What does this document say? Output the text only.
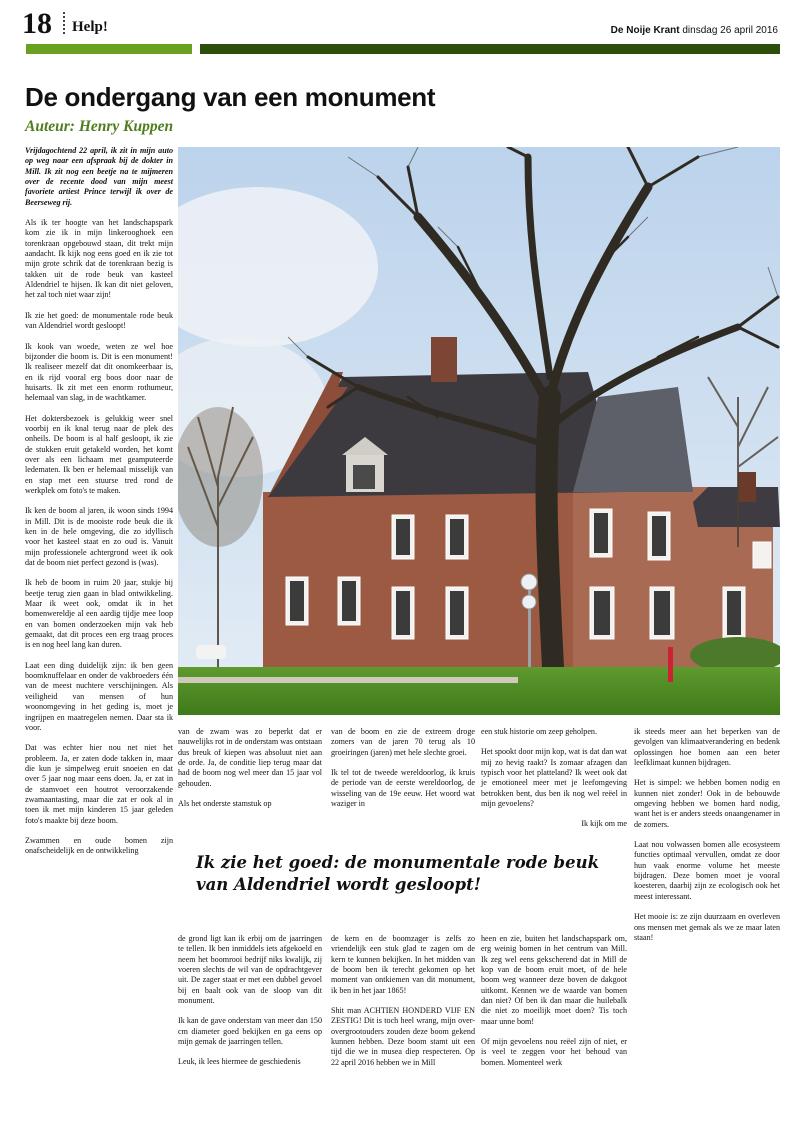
18 Help!	De Noije Krant dinsdag 26 april 2016
De ondergang van een monument
Auteur: Henry Kuppen

Vrijdagochtend 22 april, ik zit in mijn auto op weg naar een afspraak bij de dokter in Mill. Ik zit nog een beetje na te mijmeren over de recente dood van mijn meest favoriete artiest Prince terwijl ik over de Beerseweg rij.

Als ik ter hoogte van het landschapspark kom zie ik in mijn linkerooghoek een torenkraan opgebouwd staan, dit trekt mijn aandacht. Ik kijk nog eens goed en ik zie tot mijn grote schrik dat de torenkraan bezig is takken uit de rode beuk van kasteel Aldendriel te hijsen. Ik kan dit niet geloven, het zal toch niet waar zijn!

Ik zie het goed: de monumentale rode beuk van Aldendriel wordt gesloopt!

Ik kook van woede, weten ze wel hoe bijzonder die boom is. Dit is een monument! Ik realiseer mezelf dat dit onomkeerbaar is, en ik rijd vooral erg boos door naar de huisarts. Ik zit met een enorm rothumeur, helemaal van slag, in de wachtkamer.

Het doktersbezoek is gelukkig weer snel voorbij en ik knal terug naar de plek des onheils. De boom is al half gesloopt, ik zie de stukken eruit getakeld worden, het komt over als een lichaam met geamputeerde ledematen. Ik ben er helemaal misselijk van en stap met een stuurse tred rond de werkplek om foto's te maken.

Ik ken de boom al jaren, ik woon sinds 1994 in Mill. Dit is de mooiste rode beuk die ik ken in de hele omgeving, die zo idyllisch voor het kasteel staat en zo oud is. Vanuit mijn professionele achtergrond weet ik ook dat de boom niet perfect gezond is (was).

Ik heb de boom in ruim 20 jaar, stukje bij beetje terug zien gaan in blad ontwikkeling. Maar ik weet ook, omdat ik in het bomenwereldje al een aardig tijdje mee loop en van bomen onderzoeken mijn vak heb gemaakt, dat dit proces een erg traag proces is en nog heel lang kan duren.

Laat een ding duidelijk zijn: ik ben geen boomknuffelaar en onder de vakbroeders één van de meest nuchtere verschijningen. Als veiligheid van mensen of hun woonomgeving in het geding is, moet je ingrijpen en maatregelen nemen. Daar sta ik voor.

Dat was echter hier nou net niet het probleem. Ja, er zaten dode takken in, maar die kun je simpelweg eruit snoeien en dat over 5 jaar nog maar eens doen. Ja, er zat in de stamvoet een houtrot veroorzakende zwamaantasting, maar die zat er ook al in toen ik met mijn kinderen 15 jaar geleden foto's maakte bij deze boom.

Zwammen en oude bomen zijn onafscheidelijk en de ontwikkeling

van de zwam was zo beperkt dat er nauwelijks rot in de onderstam was ontstaan dus breuk of kiepen was absoluut niet aan de orde. Ja, de conditie liep terug maar dat had de boom nog wel meer dan 15 jaar vol gehouden.

Als het onderste stamstuk op

van de boom en zie de extreem droge zomers van de jaren 70 terug als 10 groeiringen (jaren) met hele slechte groei.

Ik tel tot de tweede wereldoorlog, ik kruis de periode van de eerste wereldoorlog, de wisseling van de 19e eeuw. Het woord wat waziger in

een stuk historie om zeep geholpen.

Het spookt door mijn kop, wat is dat dan wat mij zo hevig raakt? Is zomaar afzagen dan typisch voor het platteland? Ik weet ook dat je emotioneel meer met je leefomgeving betrokken bent, dus ben ik nog wel reëel in mijn gevoelens?

Ik kijk om me

ik steeds meer aan het beperken van de gevolgen van klimaatverandering en bedenk oplossingen hoe bomen aan een beter leefklimaat kunnen bijdragen.

Het is simpel: we hebben bomen nodig en kunnen niet zonder! Ook in de bebouwde omgeving hebben we bomen hard nodig, want het is er anders steeds onaangenamer in de zomers.

Laat nou volwassen bomen alle ecosysteem functies optimaal vervullen, omdat ze door hun vaak enorme volume het meeste bijdragen. Deze bomen moet je vooral koesteren, daarbij zijn ze ecologisch ook het meest interessant.

Het mooie is: ze zijn duurzaam en overleven ons mensen met gemak als we ze maar laten staan!

Ik zie het goed: de monumentale rode beuk van Aldendriel wordt gesloopt!

de grond ligt kan ik erbij om de jaarringen te tellen. Ik ben inmiddels iets afgekoeld en neem het boomrooi bedrijf niks kwalijk, zij voeren slechts de wil van de opdrachtgever uit. De zager staat er met een dubbel gevoel bij en baalt ook van de sloop van dit monument.

Ik kan de gave onderstam van meer dan 150 cm diameter goed bekijken en ga eens op mijn gemak de jaarringen tellen.

Leuk, ik lees hiermee de geschiedenis

de kern en de boomzager is zelfs zo vriendelijk een stuk glad te zagen om de kern te kunnen bekijken. In het midden van de boom ben ik terecht gekomen op het moment van ontkiemen van dit monument, ik ben in het jaar 1865!

Shit man ACHTIEN HONDERD VIJF EN ZESTIG! Dit is toch heel wrang, mijn over-overgrootouders zouden deze boom gekend kunnen hebben. Deze boom stamt uit een tijd die we in musea diep respecteren. Op 22 april 2016 hebben we in Mill

heen en zie, buiten het landschapspark om, erg weinig bomen in het centrum van Mill. Ik zeg wel eens gekscherend dat in Mill de kop van de boom eruit moet, of de hele boom weg wanneer deze boven de dakgoot uitkomt. Kennen we de waarde van bomen dan niet? Of ben ik dan maar die huilebalk die niet zo moeilijk moet doen? Tis toch maar unne bom!

Of mijn gevoelens nou reëel zijn of niet, er is veel te zeggen voor het behoud van bomen. Momenteel werk
